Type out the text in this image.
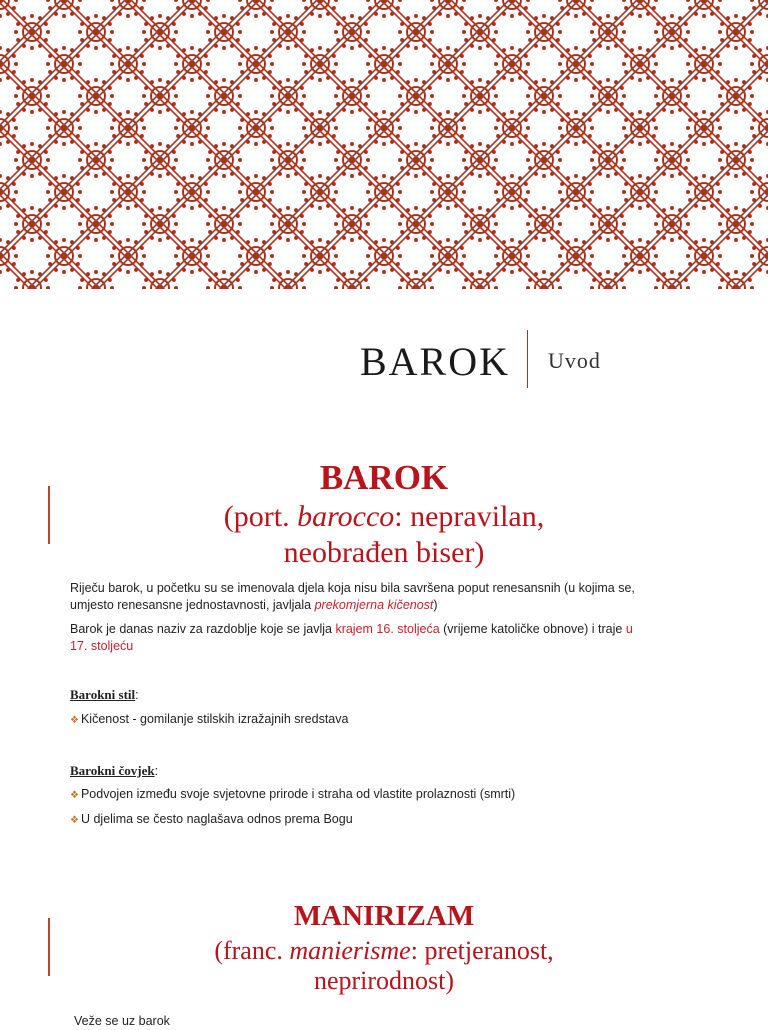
BAROK Uvod
BAROK
(port. barocco: nepravilan,
neobrađen biser)
Riječu barok, u početku su se imenovala djela koja nisu bila savršena poput renesansnih (u kojima se,
umjesto renesansne jednostavnosti, javljala prekomjerna kičenost)
Barok je danas naziv za razdoblje koje se javlja krajem 16. stoljeća (vrijeme katoličke obnove) i traje u
17. stoljeću
Barokni stil:
❖ Kičenost - gomilanje stilskih izražajnih sredstava
Barokni čovjek:
❖ Podvojen između svoje svjetovne prirode i straha od vlastite prolaznosti (smrti)
❖ U djelima se često naglašava odnos prema Bogu
MANIRIZAM
(franc. manierisme: pretjeranost,
neprirodnost)
Veže se uz barok
